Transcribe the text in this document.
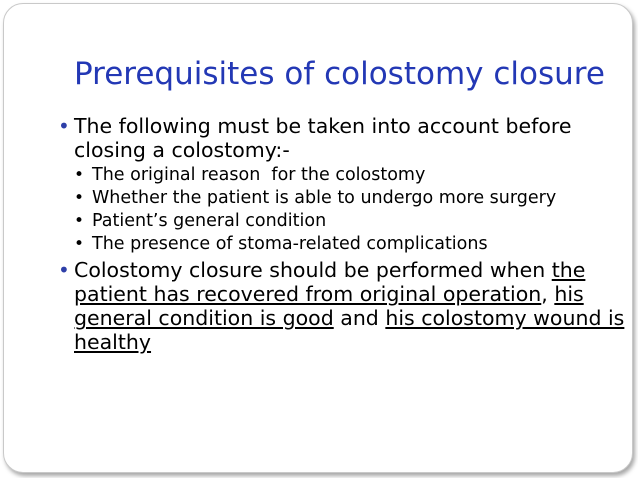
Prerequisites of colostomy closure
• The following must be taken into account before closing a colostomy:-
• The original reason  for the colostomy
• Whether the patient is able to undergo more surgery
• Patient’s general condition
• The presence of stoma-related complications
• Colostomy closure should be performed when the patient has recovered from original operation, his general condition is good and his colostomy wound is healthy
